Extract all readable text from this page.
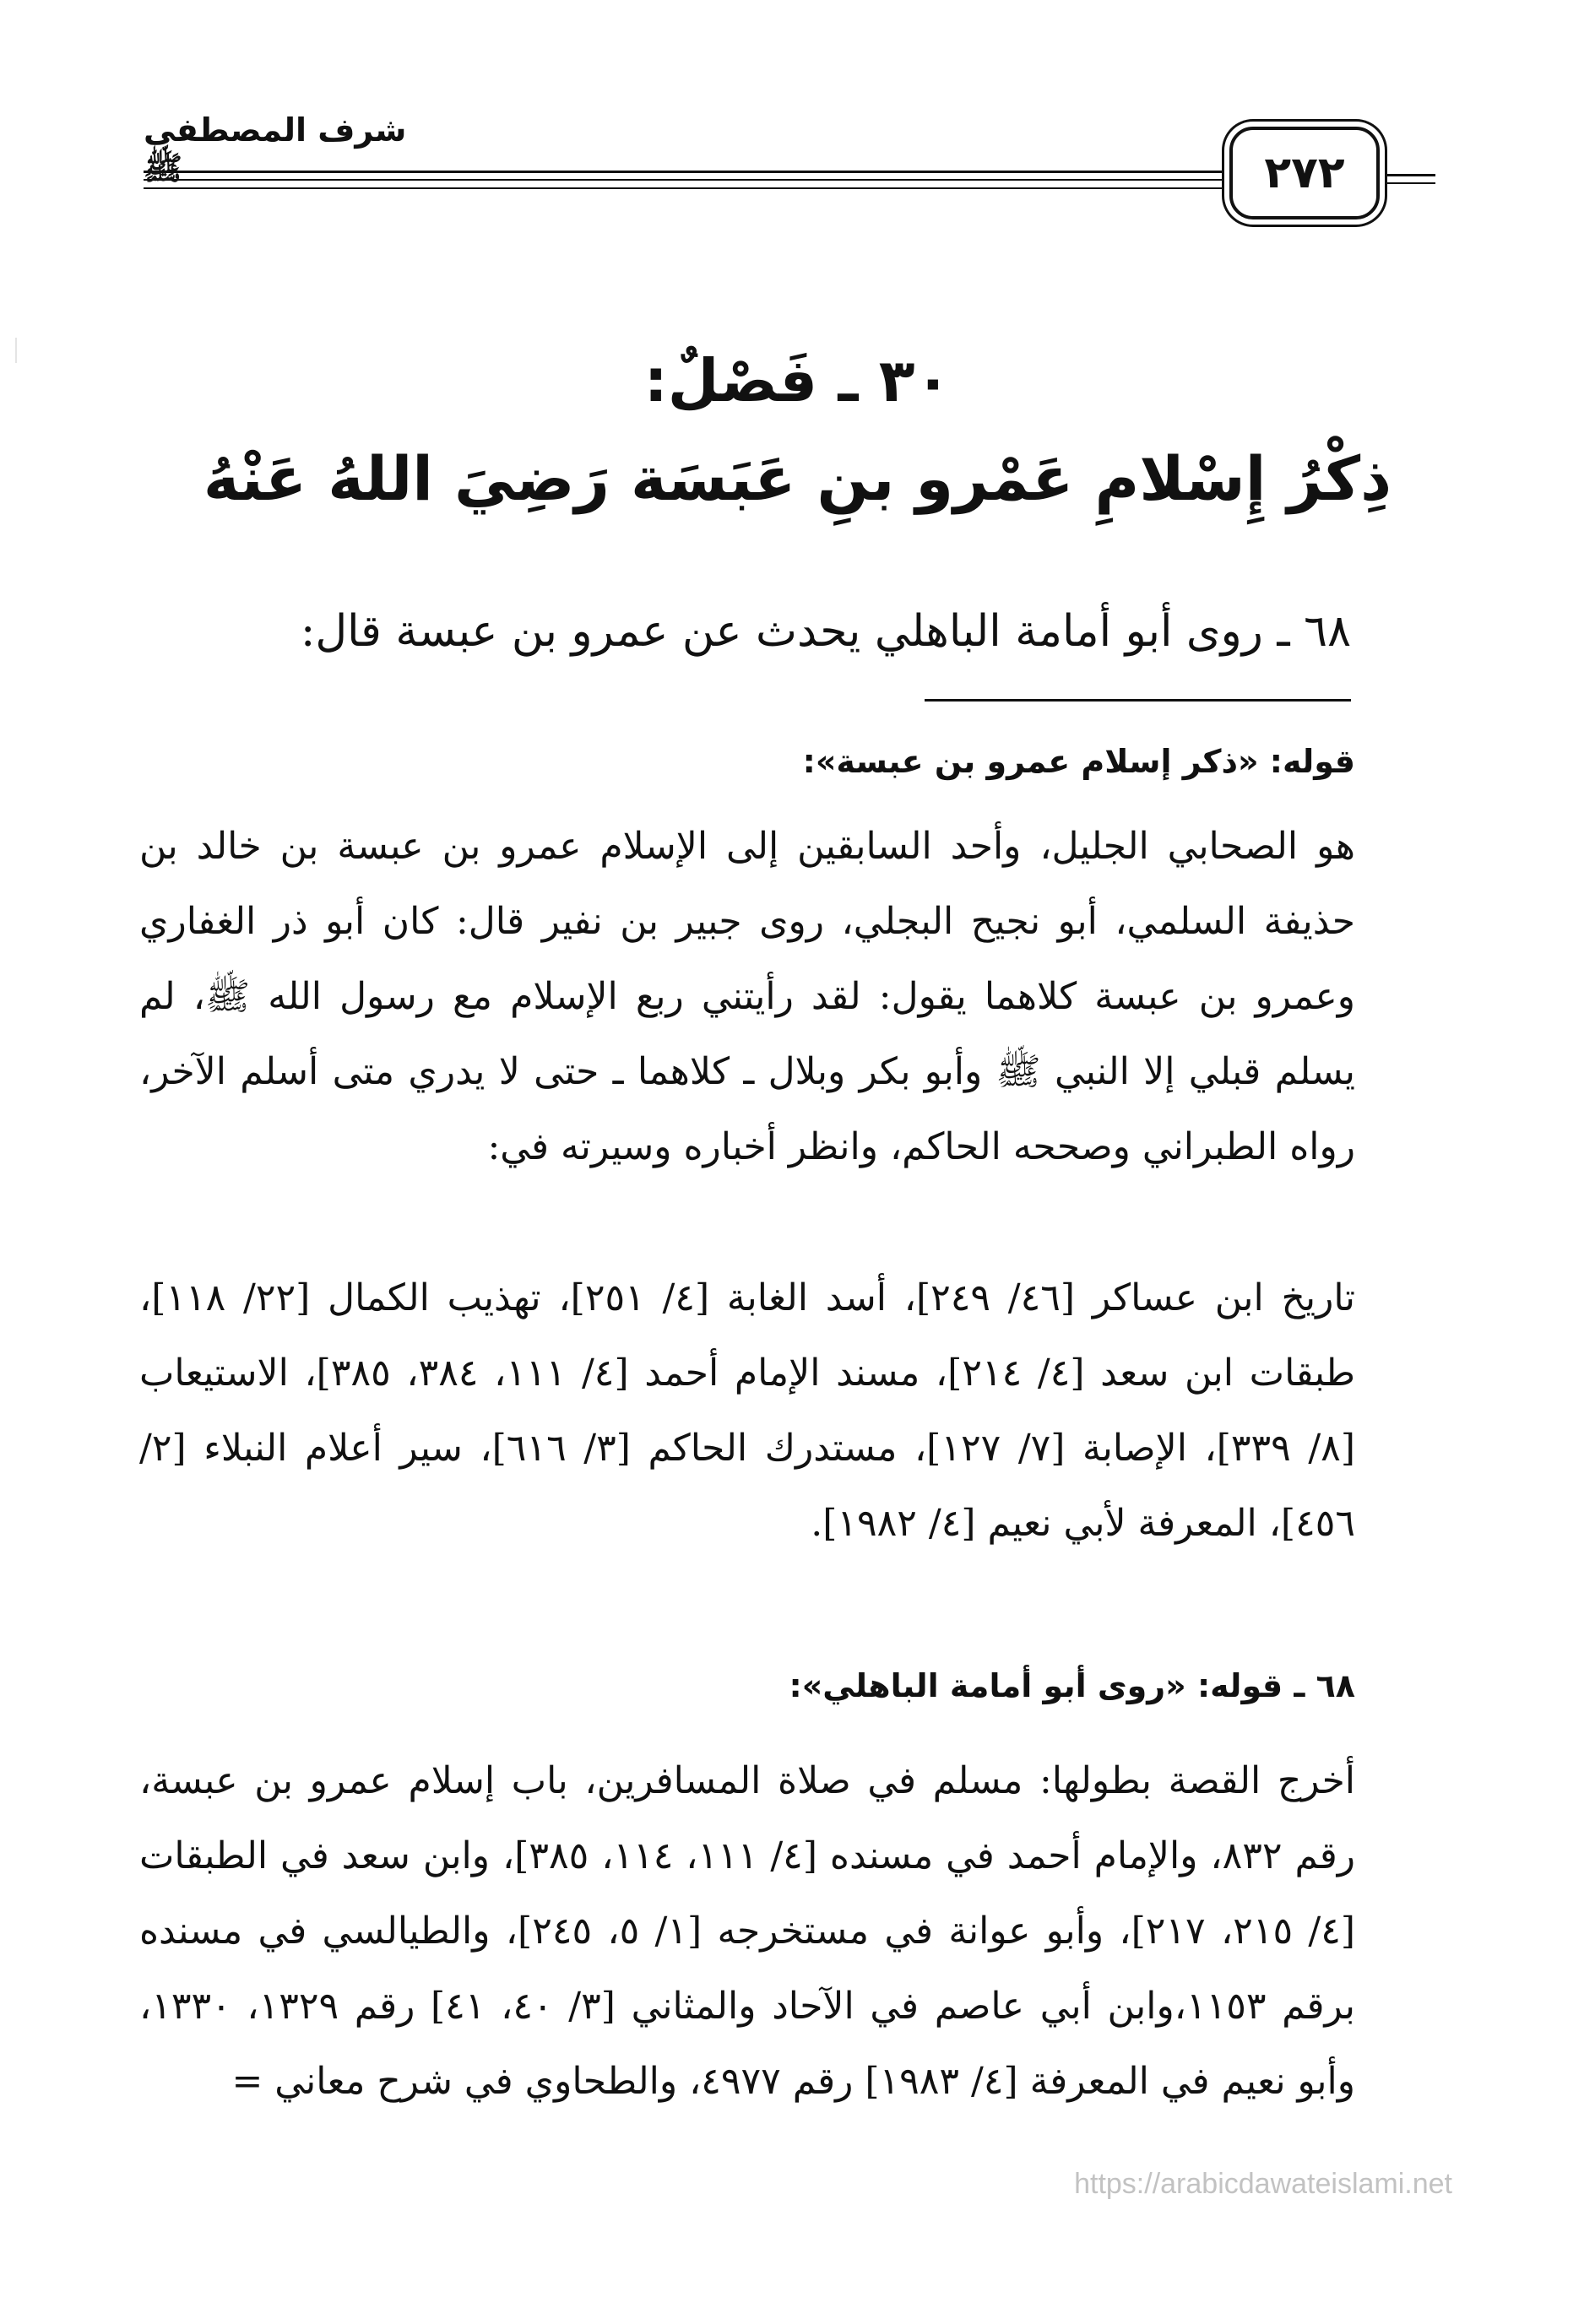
شرف المصطفى ﷺ	٢٧٢
٣٠ ـ فَصْلٌ:
ذِكْرُ إِسْلامِ عَمْرو بنِ عَبَسَة رَضِيَ اللهُ عَنْهُ
٦٨ ـ روى أبو أمامة الباهلي يحدث عن عمرو بن عبسة قال:
قوله: «ذكر إسلام عمرو بن عبسة»:
هو الصحابي الجليل، وأحد السابقين إلى الإسلام عمرو بن عبسة بن خالد بن حذيفة السلمي، أبو نجيح البجلي، روى جبير بن نفير قال: كان أبو ذر الغفاري وعمرو بن عبسة كلاهما يقول: لقد رأيتني ربع الإسلام مع رسول الله ﷺ، لم يسلم قبلي إلا النبي ﷺ وأبو بكر وبلال ـ كلاهما ـ حتى لا يدري متى أسلم الآخر، رواه الطبراني وصححه الحاكم، وانظر أخباره وسيرته في:
تاريخ ابن عساكر [٤٦/ ٢٤٩]، أسد الغابة [٤/ ٢٥١]، تهذيب الكمال [٢٢/ ١١٨]، طبقات ابن سعد [٤/ ٢١٤]، مسند الإمام أحمد [٤/ ١١١، ٣٨٤، ٣٨٥]، الاستيعاب [٨/ ٣٣٩]، الإصابة [٧/ ١٢٧]، مستدرك الحاكم [٣/ ٦١٦]، سير أعلام النبلاء [٢/ ٤٥٦]، المعرفة لأبي نعيم [٤/ ١٩٨٢].
٦٨ ـ قوله: «روى أبو أمامة الباهلي»:
أخرج القصة بطولها: مسلم في صلاة المسافرين، باب إسلام عمرو بن عبسة، رقم ٨٣٢، والإمام أحمد في مسنده [٤/ ١١١، ١١٤، ٣٨٥]، وابن سعد في الطبقات [٤/ ٢١٥، ٢١٧]، وأبو عوانة في مستخرجه [١/ ٥، ٢٤٥]، والطيالسي في مسنده برقم ١١٥٣،وابن أبي عاصم في الآحاد والمثاني [٣/ ٤٠، ٤١] رقم ١٣٢٩، ١٣٣٠، وأبو نعيم في المعرفة [٤/ ١٩٨٣] رقم ٤٩٧٧، والطحاوي في شرح معاني =
https://arabicdawateislami.net
